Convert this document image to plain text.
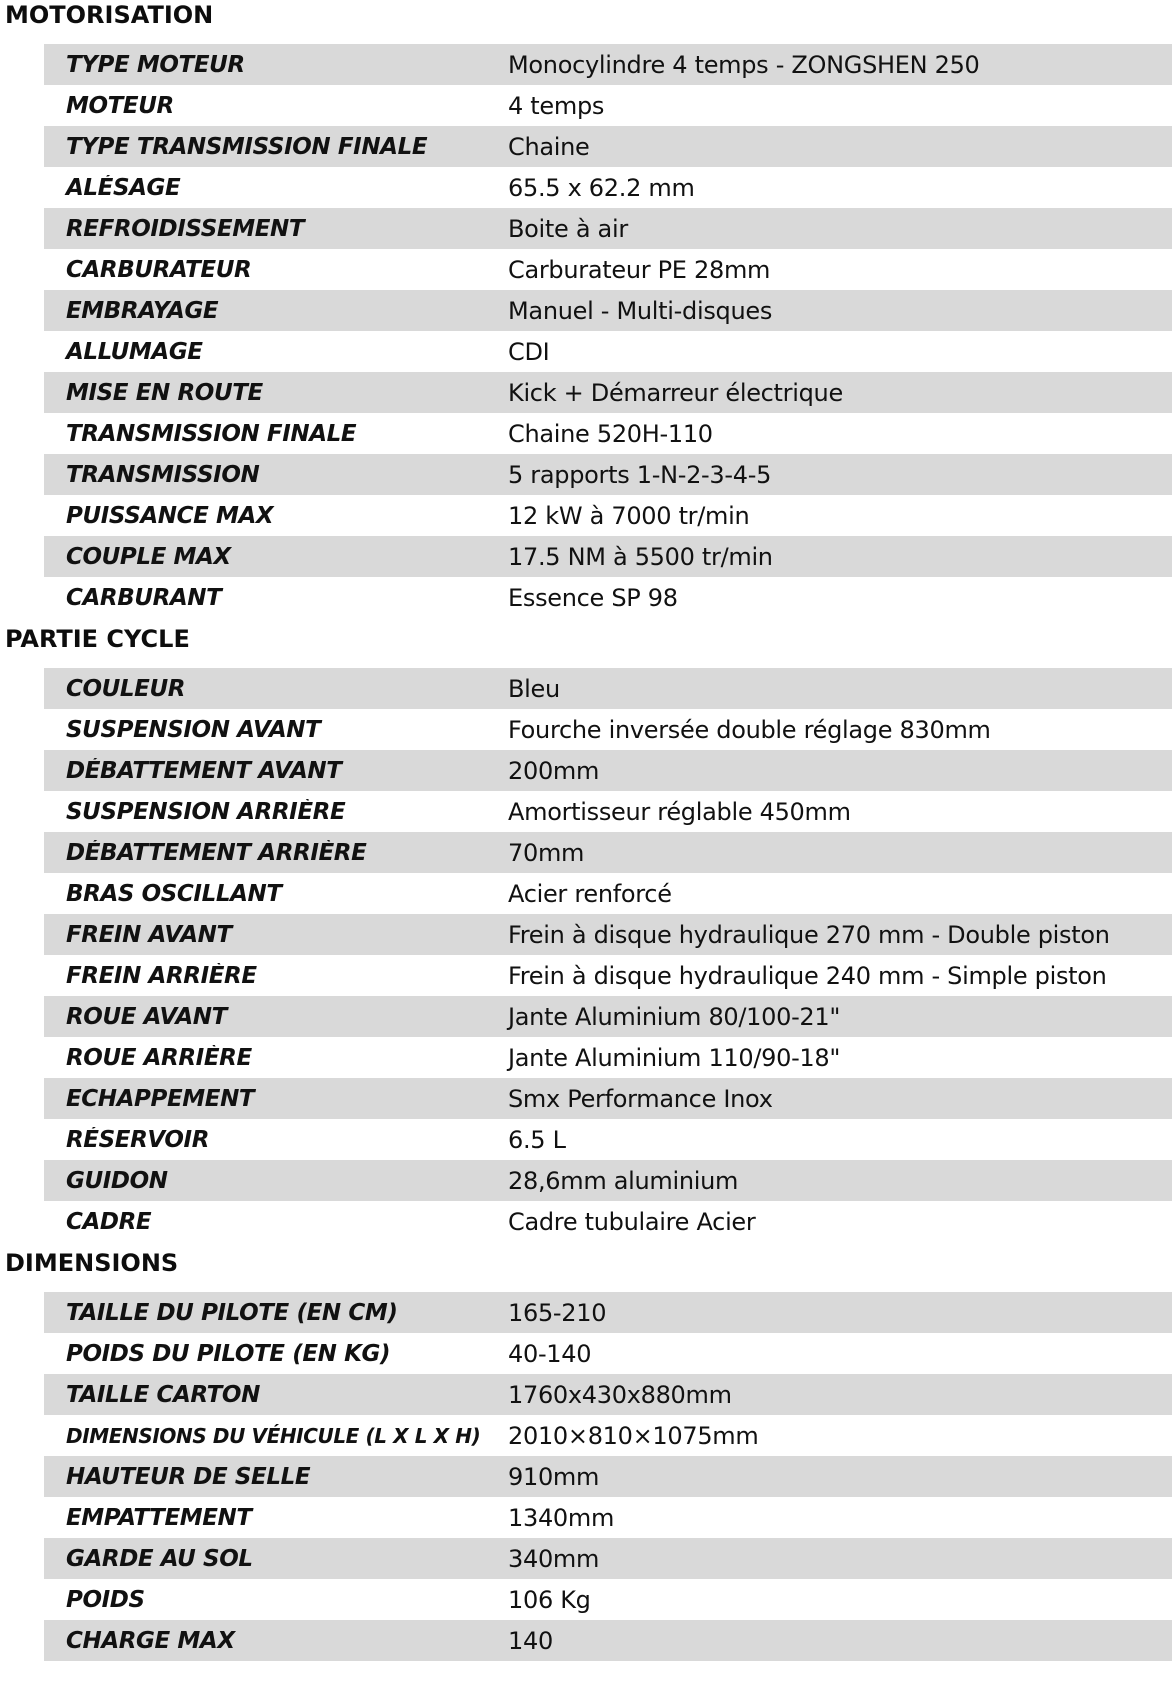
MOTORISATION
TYPE MOTEUR	Monocylindre 4 temps - ZONGSHEN 250
MOTEUR	4 temps
TYPE TRANSMISSION FINALE	Chaine
ALÉSAGE	65.5 x 62.2 mm
REFROIDISSEMENT	Boite à air
CARBURATEUR	Carburateur PE 28mm
EMBRAYAGE	Manuel - Multi-disques
ALLUMAGE	CDI
MISE EN ROUTE	Kick + Démarreur électrique
TRANSMISSION FINALE	Chaine 520H-110
TRANSMISSION	5 rapports 1-N-2-3-4-5
PUISSANCE MAX	12 kW à 7000 tr/min
COUPLE MAX	17.5 NM à 5500 tr/min
CARBURANT	Essence SP 98
PARTIE CYCLE
COULEUR	Bleu
SUSPENSION AVANT	Fourche inversée double réglage 830mm
DÉBATTEMENT AVANT	200mm
SUSPENSION ARRIÈRE	Amortisseur réglable 450mm
DÉBATTEMENT ARRIÈRE	70mm
BRAS OSCILLANT	Acier renforcé
FREIN AVANT	Frein à disque hydraulique 270 mm - Double piston
FREIN ARRIÈRE	Frein à disque hydraulique 240 mm - Simple piston
ROUE AVANT	Jante Aluminium 80/100-21"
ROUE ARRIÈRE	Jante Aluminium 110/90-18"
ECHAPPEMENT	Smx Performance Inox
RÉSERVOIR	6.5 L
GUIDON	28,6mm aluminium
CADRE	Cadre tubulaire Acier
DIMENSIONS
TAILLE DU PILOTE (EN CM)	165-210
POIDS DU PILOTE (EN KG)	40-140
TAILLE CARTON	1760x430x880mm
DIMENSIONS DU VÉHICULE (L X L X H)	2010×810×1075mm
HAUTEUR DE SELLE	910mm
EMPATTEMENT	1340mm
GARDE AU SOL	340mm
POIDS	106 Kg
CHARGE MAX	140
